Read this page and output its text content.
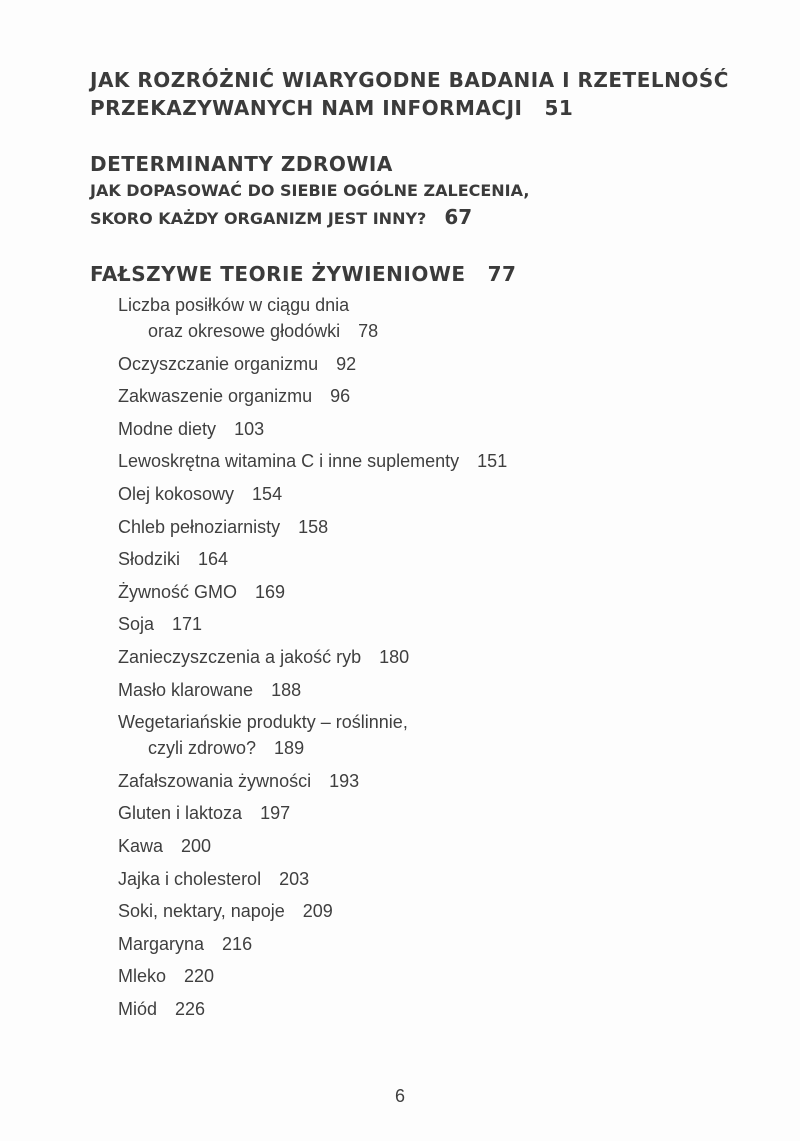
JAK ROZRÓŻNIĆ WIARYGODNE BADANIA I RZETELNOŚĆ
PRZEKAZYWANYCH NAM INFORMACJI 51
DETERMINANTY ZDROWIA
JAK DOPASOWAĆ DO SIEBIE OGÓLNE ZALECENIA,
SKORO KAŻDY ORGANIZM JEST INNY? 67
FAŁSZYWE TEORIE ŻYWIENIOWE 77
Liczba posiłków w ciągu dnia
oraz okresowe głodówki 78
Oczyszczanie organizmu 92
Zakwaszenie organizmu 96
Modne diety 103
Lewoskrętna witamina C i inne suplementy 151
Olej kokosowy 154
Chleb pełnoziarnisty 158
Słodziki 164
Żywność GMO 169
Soja 171
Zanieczyszczenia a jakość ryb 180
Masło klarowane 188
Wegetariańskie produkty – roślinnie,
czyli zdrowo? 189
Zafałszowania żywności 193
Gluten i laktoza 197
Kawa 200
Jajka i cholesterol 203
Soki, nektary, napoje 209
Margaryna 216
Mleko 220
Miód 226
6
